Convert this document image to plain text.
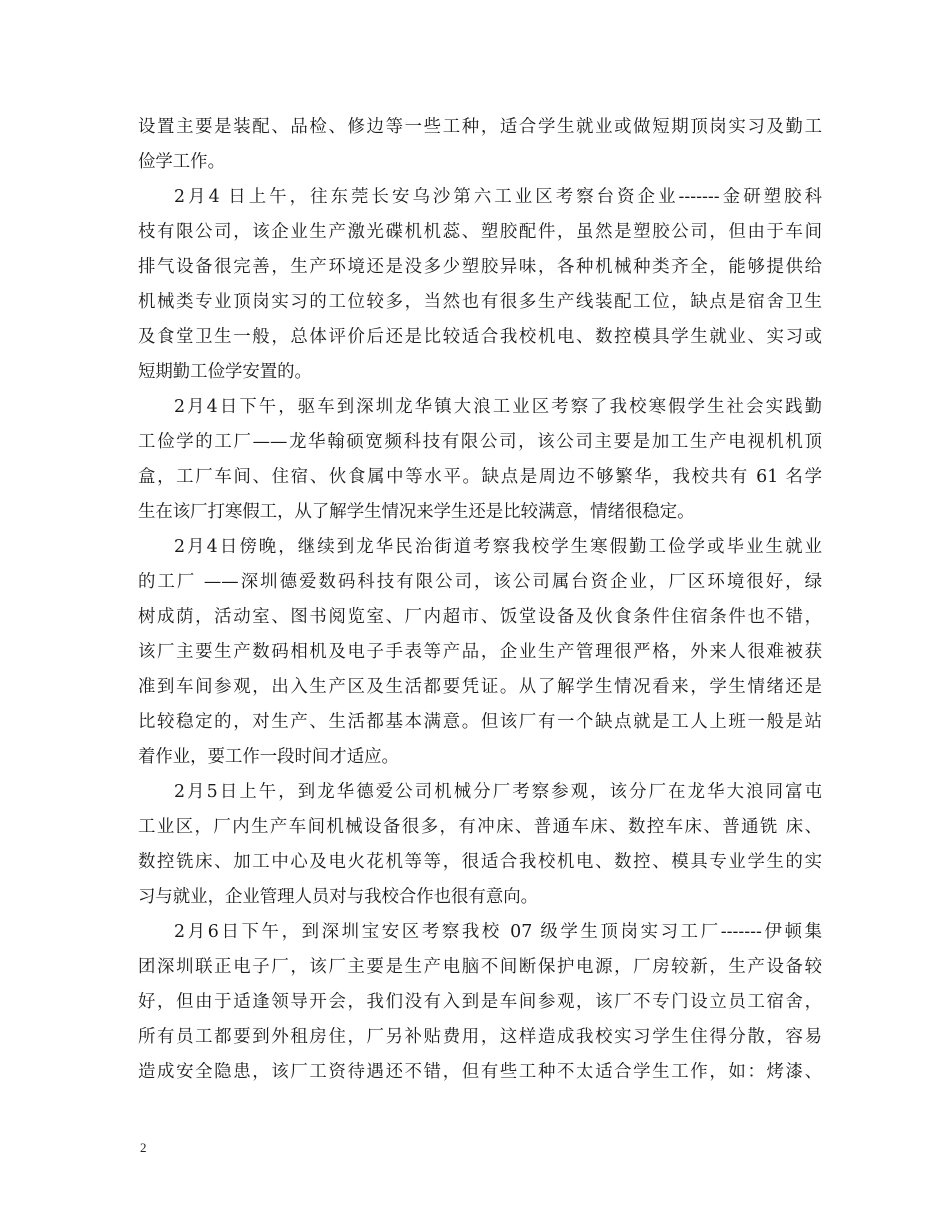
设置主要是装配、品检、修边等一些工种，适合学生就业或做短期顶岗实习及勤工
俭学工作。
2月4 日上午，往东莞长安乌沙第六工业区考察台资企业-------金研塑胶科
枝有限公司，该企业生产激光碟机机蕊、塑胶配件，虽然是塑胶公司，但由于车间
排气设备很完善，生产环境还是没多少塑胶异味，各种机械种类齐全，能够提供给
机械类专业顶岗实习的工位较多，当然也有很多生产线装配工位，缺点是宿舍卫生
及食堂卫生一般，总体评价后还是比较适合我校机电、数控模具学生就业、实习或
短期勤工俭学安置的。
2月4日下午，驱车到深圳龙华镇大浪工业区考察了我校寒假学生社会实践勤
工俭学的工厂——龙华翰硕宽频科技有限公司，该公司主要是加工生产电视机机顶
盒，工厂车间、住宿、伙食属中等水平。缺点是周边不够繁华，我校共有 61 名学
生在该厂打寒假工，从了解学生情况来学生还是比较满意，情绪很稳定。
2月4日傍晚，继续到龙华民治街道考察我校学生寒假勤工俭学或毕业生就业
的工厂 ——深圳德爱数码科技有限公司，该公司属台资企业，厂区环境很好，绿
树成荫，活动室、图书阅览室、厂内超市、饭堂设备及伙食条件住宿条件也不错，
该厂主要生产数码相机及电子手表等产品，企业生产管理很严格，外来人很难被获
准到车间参观，出入生产区及生活都要凭证。从了解学生情况看来，学生情绪还是
比较稳定的，对生产、生活都基本满意。但该厂有一个缺点就是工人上班一般是站
着作业，要工作一段时间才适应。
2月5日上午，到龙华德爱公司机械分厂考察参观，该分厂在龙华大浪同富屯
工业区，厂内生产车间机械设备很多，有冲床、普通车床、数控车床、普通铣 床、
数控铣床、加工中心及电火花机等等，很适合我校机电、数控、模具专业学生的实
习与就业，企业管理人员对与我校合作也很有意向。
2月6日下午，到深圳宝安区考察我校 07 级学生顶岗实习工厂-------伊顿集
团深圳联正电子厂，该厂主要是生产电脑不间断保护电源，厂房较新，生产设备较
好，但由于适逢领导开会，我们没有入到是车间参观，该厂不专门设立员工宿舍，
所有员工都要到外租房住，厂另补贴费用，这样造成我校实习学生住得分散，容易
造成安全隐患，该厂工资待遇还不错，但有些工种不太适合学生工作，如：烤漆、
2
